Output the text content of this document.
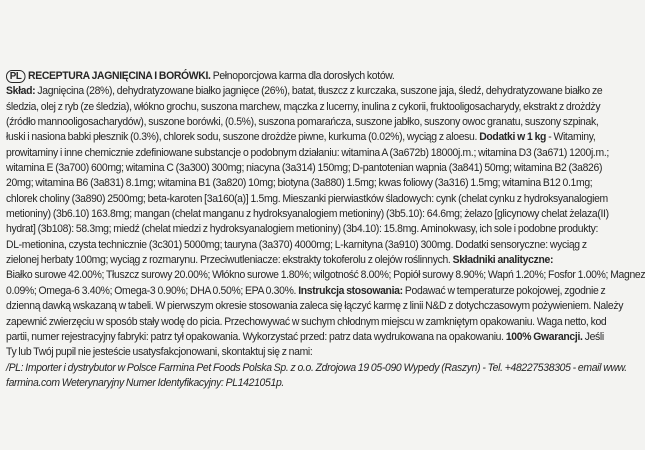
PL RECEPTURA JAGNIĘCINA I BORÓWKI. Pełnoporcjowa karma dla dorosłych kotów.
Skład: Jagnięcina (28%), dehydratyzowane białko jagnięce (26%), batat, tłuszcz z kurczaka, suszone jaja, śledź, dehydratyzowane białko ze
śledzia, olej z ryb (ze śledzia), włókno grochu, suszona marchew, mączka z lucerny, inulina z cykorii, fruktooligosacharydy, ekstrakt z drożdży
(źródło mannooligosacharydów), suszone borówki, (0.5%), suszona pomarańcza, suszone jabłko, suszony owoc granatu, suszony szpinak,
łuski i nasiona babki płesznik (0.3%), chlorek sodu, suszone drożdże piwne, kurkuma (0.02%), wyciąg z aloesu. Dodatki w 1 kg - Witaminy,
prowitaminy i inne chemicznie zdefiniowane substancje o podobnym działaniu: witamina A (3a672b) 18000j.m.; witamina D3 (3a671) 1200j.m.;
witamina E (3a700) 600mg; witamina C (3a300) 300mg; niacyna (3a314) 150mg; D-pantotenian wapnia (3a841) 50mg; witamina B2 (3a826)
20mg; witamina B6 (3a831) 8.1mg; witamina B1 (3a820) 10mg; biotyna (3a880) 1.5mg; kwas foliowy (3a316) 1.5mg; witamina B12 0.1mg;
chlorek choliny (3a890) 2500mg; beta-karoten [3a160(a)] 1.5mg. Mieszanki pierwiastków śladowych: cynk (chelat cynku z hydroksyanalogiem
metioniny) (3b6.10) 163.8mg; mangan (chelat manganu z hydroksyanalogiem metioniny) (3b5.10): 64.6mg; żelazo [glicynowy chelat żelaza(II)
hydrat] (3b108): 58.3mg; miedź (chelat miedzi z hydroksyanalogiem metioniny) (3b4.10): 15.8mg. Aminokwasy, ich sole i podobne produkty:
DL-metionina, czysta technicznie (3c301) 5000mg; tauryna (3a370) 4000mg; L-karnityna (3a910) 300mg. Dodatki sensoryczne: wyciąg z
zielonej herbaty 100mg; wyciąg z rozmarynu. Przeciwutleniacze: ekstrakty tokoferolu z olejów roślinnych. Składniki analityczne:
Białko surowe 42.00%; Tłuszcz surowy 20.00%; Włókno surowe 1.80%; wilgotność 8.00%; Popiół surowy 8.90%; Wapń 1.20%; Fosfor 1.00%; Magnez
0.09%; Omega-6 3.40%; Omega-3 0.90%; DHA 0.50%; EPA 0.30%. Instrukcja stosowania: Podawać w temperaturze pokojowej, zgodnie z
dzienną dawką wskazaną w tabeli. W pierwszym okresie stosowania zaleca się łączyć karmę z linii N&D z dotychczasowym pożywieniem. Należy
zapewnić zwierzęciu w sposób stały wodę do picia. Przechowywać w suchym chłodnym miejscu w zamkniętym opakowaniu. Waga netto, kod
partii, numer rejestracyjny fabryki: patrz tył opakowania. Wykorzystać przed: patrz data wydrukowana na opakowaniu. 100% Gwarancji. Jeśli
Ty lub Twój pupil nie jesteście usatysfakcjonowani, skontaktuj się z nami:
/PL: Importer i dystrybutor w Polsce Farmina Pet Foods Polska Sp. z o.o. Zdrojowa 19 05-090 Wypedy (Raszyn) - Tel. +48227538305 - email www.
farmina.com Weterynaryjny Numer Identyfikacyjny: PL1421051p.
